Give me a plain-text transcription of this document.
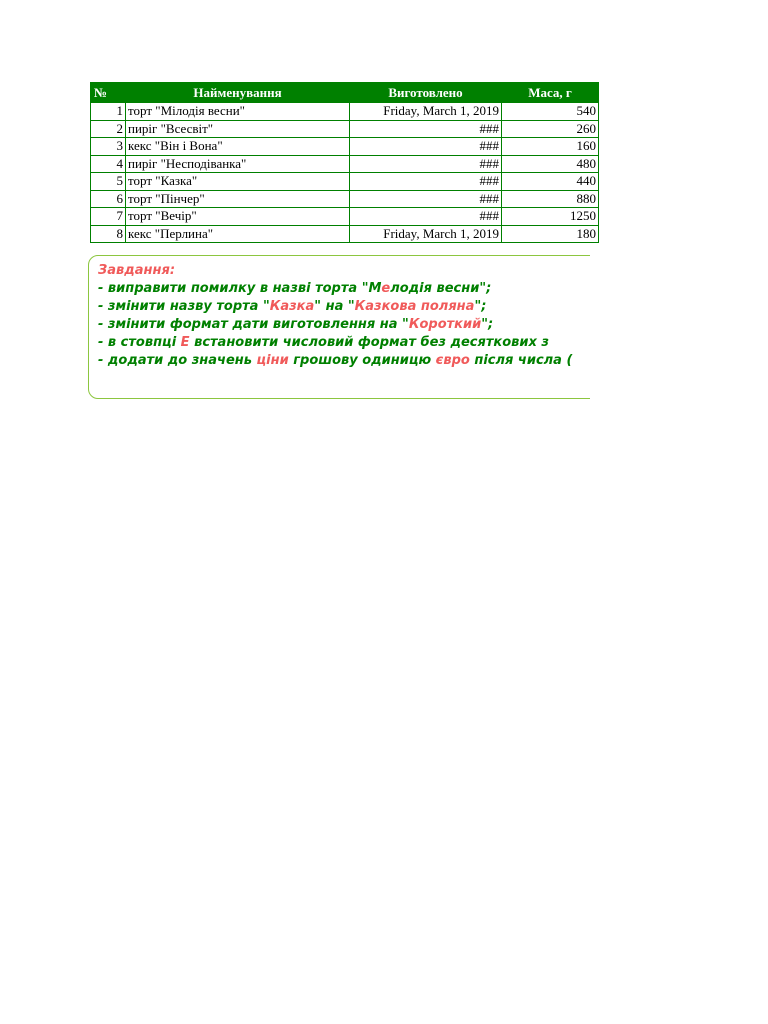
№	Найменування	Виготовлено	Маса, г
1	торт "Мілодія весни"	Friday, March 1, 2019	540
2	пиріг "Всесвіт"	###	260
3	кекс "Він і Вона"	###	160
4	пиріг "Несподіванка"	###	480
5	торт "Казка"	###	440
6	торт "Пінчер"	###	880
7	торт "Вечір"	###	1250
8	кекс "Перлина"	Friday, March 1, 2019	180
Завдання:
- виправити помилку в назві торта "Мелодія весни";
- змінити назву торта "Казка" на "Казкова поляна";
- змінити формат дати виготовлення на "Короткий";
- в стовпці E встановити числовий формат без десяткових з
- додати до значень ціни грошову одиницю євро після числа (
